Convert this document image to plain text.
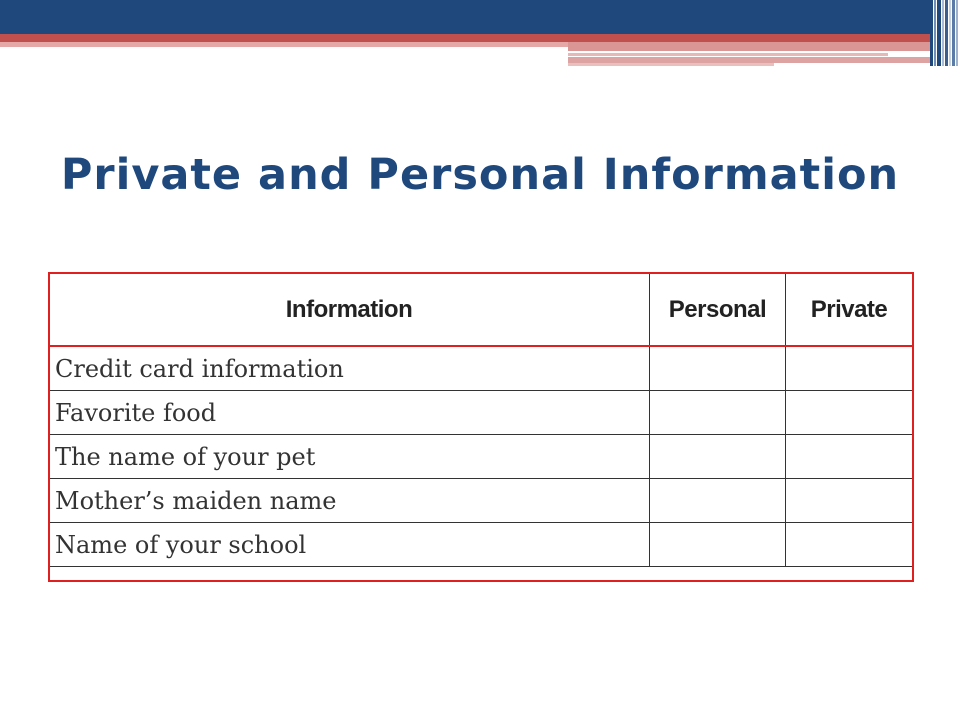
Private and Personal Information
Information	Personal	Private
Credit card information		
Favorite food		
The name of your pet		
Mother’s maiden name		
Name of your school		
